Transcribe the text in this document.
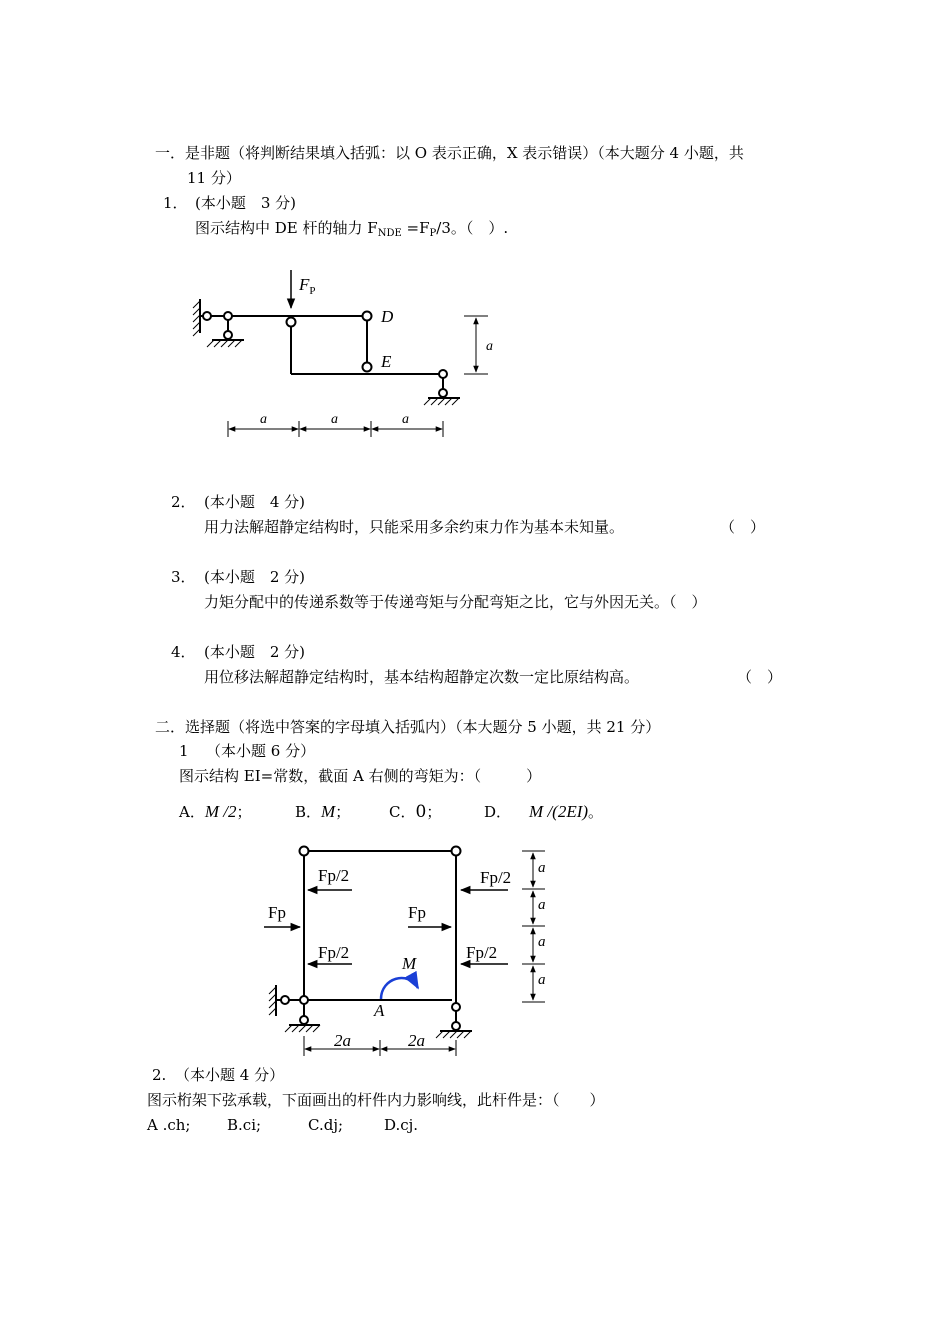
一．是非题（将判断结果填入括弧：以 O 表示正确，X 表示错误）（本大题分 4 小题，共
11 分）
1． (本小题　3 分)
图示结构中 DE 杆的轴力 $F_{NDE} =F_P/3$。（　）.
$F_P$
D
E
a
a	a	a
2． (本小题　4 分)
用力法解超静定结构时，只能采用多余约束力作为基本未知量。	（　）
3． (本小题　2 分)
力矩分配中的传递系数等于传递弯矩与分配弯矩之比，它与外因无关。（　）
4． (本小题　2 分)
用位移法解超静定结构时，基本结构超静定次数一定比原结构高。	（　）
二．选择题（将选中答案的字母填入括弧内）（本大题分 5 小题，共 21 分）
1 （本小题 6 分）
图示结构 EI=常数，截面 A 右侧的弯矩为：（　　　）
A．M /2；	B．M；	C．0；	D． M /(2EI)。
Fp/2	Fp/2
Fp	Fp
Fp/2	Fp/2
M
A
a
a
a
a
2a	2a
2. （本小题 4 分）
图示桁架下弦承载，下面画出的杆件内力影响线，此杆件是：（　　）
A .ch; B.ci;	C.dj;	D.cj.
